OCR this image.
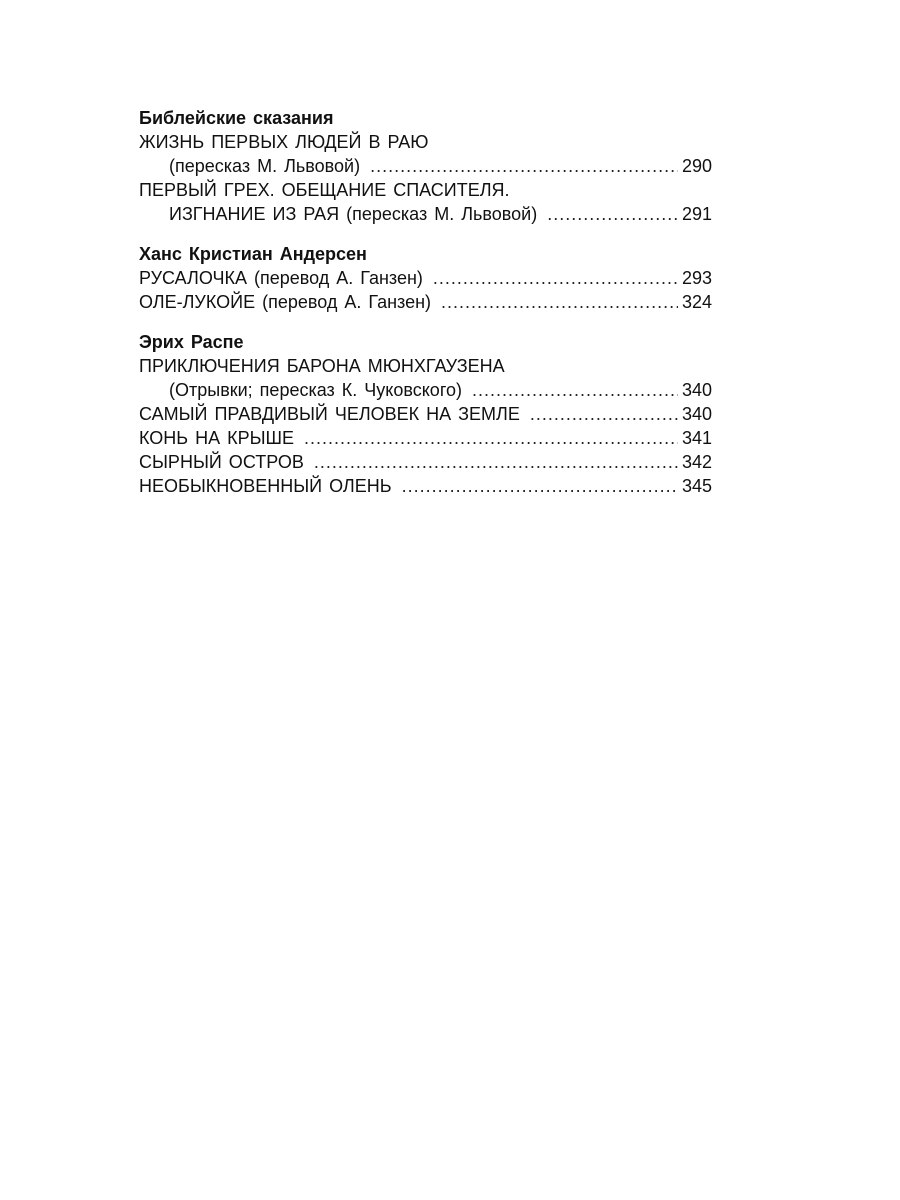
Библейские сказания
ЖИЗНЬ ПЕРВЫХ ЛЮДЕЙ В РАЮ
(пересказ М. Львовой) .....	290
ПЕРВЫЙ ГРЕХ. ОБЕЩАНИЕ СПАСИТЕЛЯ.
ИЗГНАНИЕ ИЗ РАЯ (пересказ М. Львовой) .....	291
Ханс Кристиан Андерсен
РУСАЛОЧКА (перевод А. Ганзен) .....	293
ОЛЕ-ЛУКОЙЕ (перевод А. Ганзен) .....	324
Эрих Распе
ПРИКЛЮЧЕНИЯ БАРОНА МЮНХГАУЗЕНА
(Отрывки; пересказ К. Чуковского) .....	340
САМЫЙ ПРАВДИВЫЙ ЧЕЛОВЕК НА ЗЕМЛЕ .....	340
КОНЬ НА КРЫШЕ .....	341
СЫРНЫЙ ОСТРОВ .....	342
НЕОБЫКНОВЕННЫЙ ОЛЕНЬ .....	345
